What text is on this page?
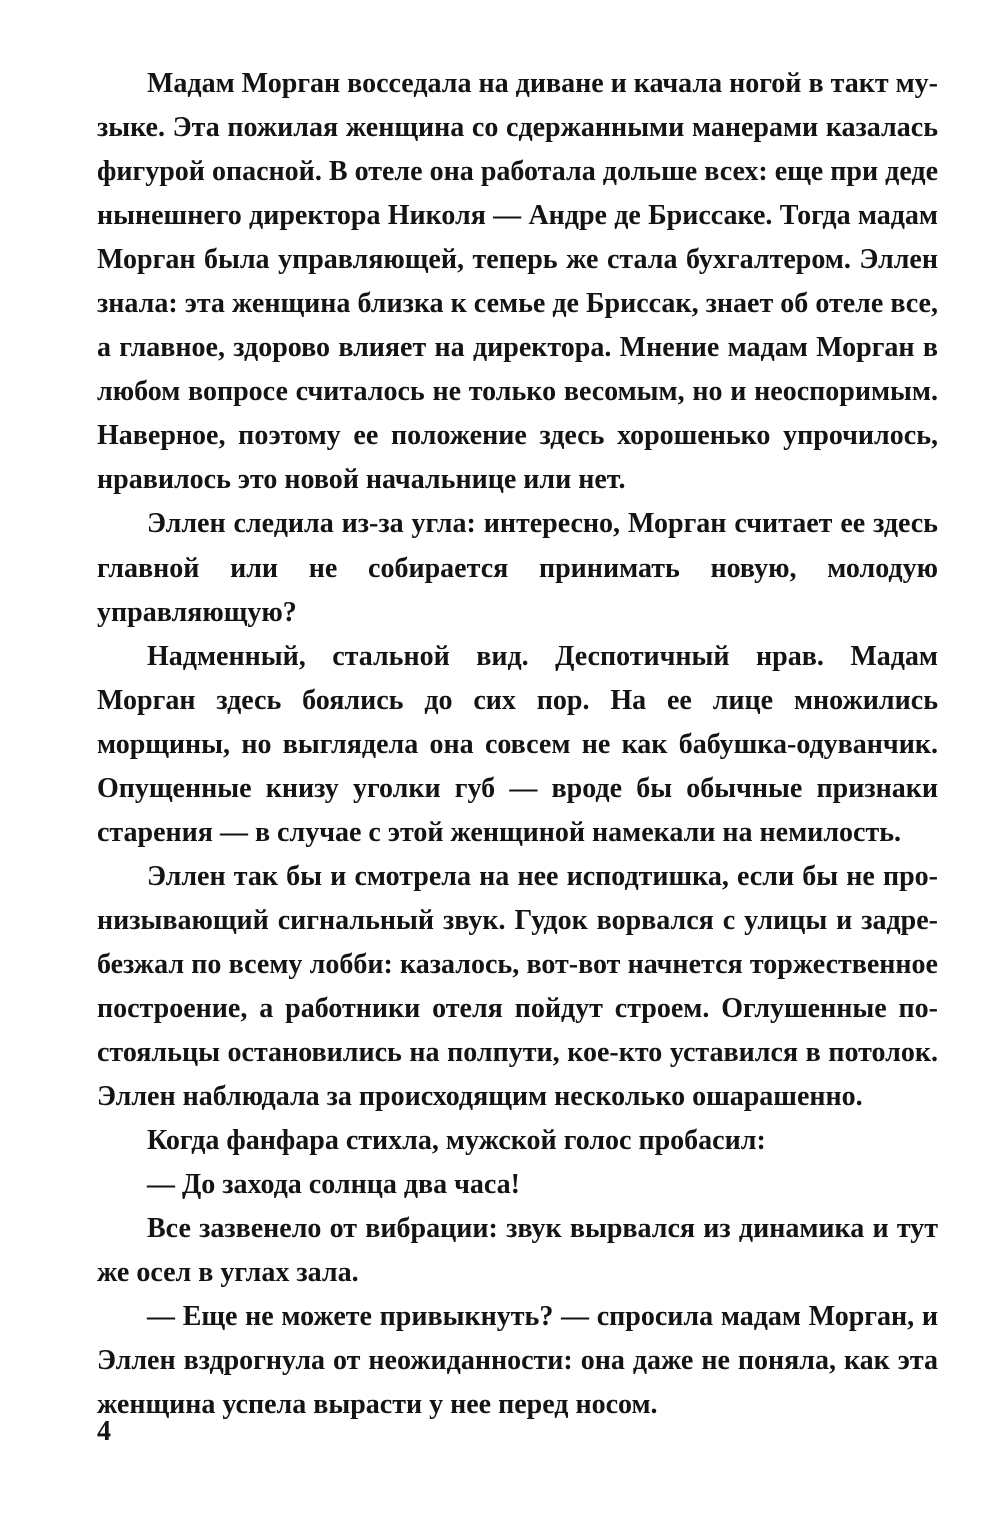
Мадам Морган восседала на диване и качала ногой в такт музыке. Эта пожилая женщина со сдержанными манерами казалась фигурой опасной. В отеле она работала дольше всех: еще при деде нынешнего директора Николя — Андре де Бриссаке. Тогда мадам Морган была управляющей, теперь же стала бухгалтером. Эллен знала: эта женщина близка к семье де Бриссак, знает об отеле все, а главное, здорово влияет на директора. Мнение мадам Морган в любом вопросе считалось не только весомым, но и неоспоримым. Наверное, поэтому ее положение здесь хорошенько упрочилось, нравилось это новой начальнице или нет.

Эллен следила из-за угла: интересно, Морган считает ее здесь главной или не собирается принимать новую, молодую управляющую?

Надменный, стальной вид. Деспотичный нрав. Мадам Морган здесь боялись до сих пор. На ее лице множились морщины, но выглядела она совсем не как бабушка-одуванчик. Опущенные книзу уголки губ — вроде бы обычные признаки старения — в случае с этой женщиной намекали на немилость.

Эллен так бы и смотрела на нее исподтишка, если бы не пронизывающий сигнальный звук. Гудок ворвался с улицы и задребезжал по всему лобби: казалось, вот-вот начнется торжественное построение, а работники отеля пойдут строем. Оглушенные постояльцы остановились на полпути, кое-кто уставился в потолок. Эллен наблюдала за происходящим несколько ошарашенно.

Когда фанфара стихла, мужской голос пробасил:

— До захода солнца два часа!

Все зазвенело от вибрации: звук вырвался из динамика и тут же осел в углах зала.

— Еще не можете привыкнуть? — спросила мадам Морган, и Эллен вздрогнула от неожиданности: она даже не поняла, как эта женщина успела вырасти у нее перед носом.

4
